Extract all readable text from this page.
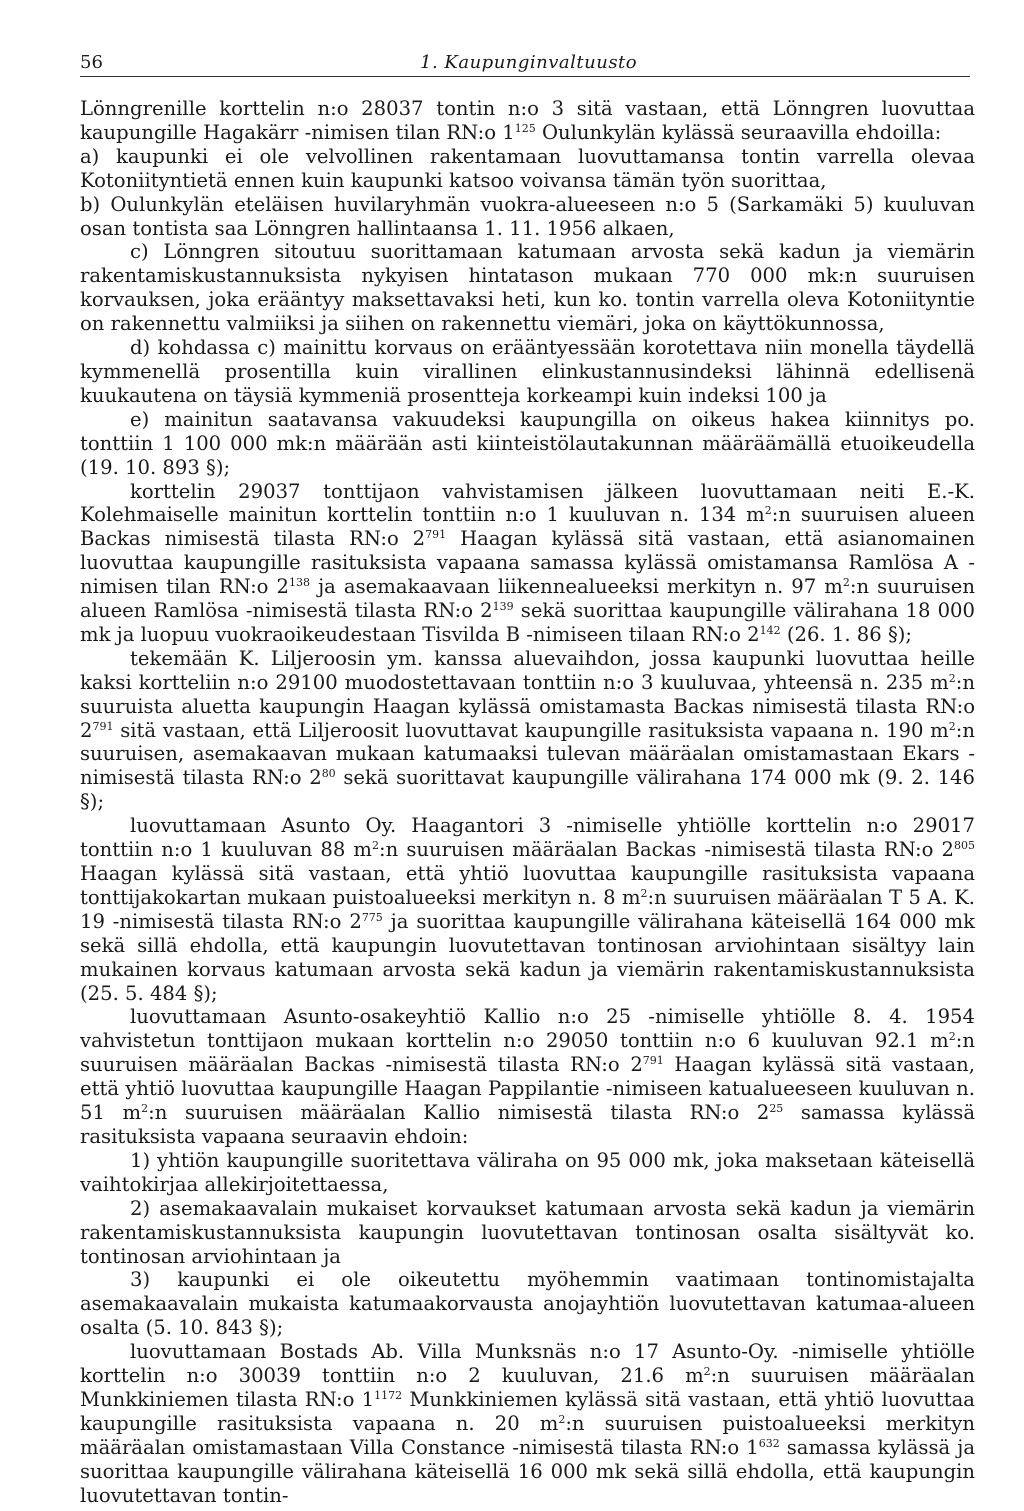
56	1. Kaupunginvaltuusto

Lönngrenille korttelin n:o 28037 tontin n:o 3 sitä vastaan, että Lönngren luovuttaa kaupungille Hagakärr -nimisen tilan RN:o $1^{125}$ Oulunkylän kylässä seuraavilla ehdoilla:

a) kaupunki ei ole velvollinen rakentamaan luovuttamansa tontin varrella olevaa Kotoniityntietä ennen kuin kaupunki katsoo voivansa tämän työn suorittaa,

b) Oulunkylän eteläisen huvilaryhmän vuokra-alueeseen n:o 5 (Sarkamäki 5) kuuluvan osan tontista saa Lönngren hallintaansa 1. 11. 1956 alkaen,

c) Lönngren sitoutuu suorittamaan katumaan arvosta sekä kadun ja viemärin rakentamiskustannuksista nykyisen hintatason mukaan 770 000 mk:n suuruisen korvauksen, joka erääntyy maksettavaksi heti, kun ko. tontin varrella oleva Kotoniityntie on rakennettu valmiiksi ja siihen on rakennettu viemäri, joka on käyttökunnossa,

d) kohdassa c) mainittu korvaus on erääntyessään korotettava niin monella täydellä kymmenellä prosentilla kuin virallinen elinkustannusindeksi lähinnä edellisenä kuukautena on täysiä kymmeniä prosentteja korkeampi kuin indeksi 100 ja

e) mainitun saatavansa vakuudeksi kaupungilla on oikeus hakea kiinnitys po. tonttiin 1 100 000 mk:n määrään asti kiinteistölautakunnan määräämällä etuoikeudella (19. 10. 893 §);

korttelin 29037 tonttijaon vahvistamisen jälkeen luovuttamaan neiti E.-K. Kolehmaiselle mainitun korttelin tonttiin n:o 1 kuuluvan n. 134 $m^2:n$ suuruisen alueen Backas nimisestä tilasta RN:o $2^{791}$ Haagan kylässä sitä vastaan, että asianomainen luovuttaa kaupungille rasituksista vapaana samassa kylässä omistamansa Ramlösa A -nimisen tilan RN:o $2^{138}$ ja asemakaavaan liikennealueeksi merkityn n. 97 $m^2:n$ suuruisen alueen Ramlösa -nimisestä tilasta RN:o $2^{139}$ sekä suorittaa kaupungille välirahana 18 000 mk ja luopuu vuokraoikeudestaan Tisvilda B -nimiseen tilaan RN:o $2^{142}$ (26. 1. 86 §);

tekemään K. Liljeroosin ym. kanssa aluevaihdon, jossa kaupunki luovuttaa heille kaksi kortteliin n:o 29100 muodostettavaan tonttiin n:o 3 kuuluvaa, yhteensä n. 235 $m^2:n$ suuruista aluetta kaupungin Haagan kylässä omistamasta Backas nimisestä tilasta RN:o $2^{791}$ sitä vastaan, että Liljeroosit luovuttavat kaupungille rasituksista vapaana n. 190 $m^2:n$ suuruisen, asemakaavan mukaan katumaaksi tulevan määräalan omistamastaan Ekars -nimisestä tilasta RN:o $2^{80}$ sekä suorittavat kaupungille välirahana 174 000 mk (9. 2. 146 §);

luovuttamaan Asunto Oy. Haagantori 3 -nimiselle yhtiölle korttelin n:o 29017 tonttiin n:o 1 kuuluvan 88 $m^2:n$ suuruisen määräalan Backas -nimisestä tilasta RN:o $2^{805}$ Haagan kylässä sitä vastaan, että yhtiö luovuttaa kaupungille rasituksista vapaana tonttijakokartan mukaan puistoalueeksi merkityn n. 8 $m^2:n$ suuruisen määräalan T 5 A. K. 19 -nimisestä tilasta RN:o $2^{775}$ ja suorittaa kaupungille välirahana käteisellä 164 000 mk sekä sillä ehdolla, että kaupungin luovutettavan tontinosan arviohintaan sisältyy lain mukainen korvaus katumaan arvosta sekä kadun ja viemärin rakentamiskustannuksista (25. 5. 484 §);

luovuttamaan Asunto-osakeyhtiö Kallio n:o 25 -nimiselle yhtiölle 8. 4. 1954 vahvistetun tonttijaon mukaan korttelin n:o 29050 tonttiin n:o 6 kuuluvan 92.1 $m^2:n$ suuruisen määräalan Backas -nimisestä tilasta RN:o $2^{791}$ Haagan kylässä sitä vastaan, että yhtiö luovuttaa kaupungille Haagan Pappilantie -nimiseen katualueeseen kuuluvan n. 51 $m^2:n$ suuruisen määräalan Kallio nimisestä tilasta RN:o $2^{25}$ samassa kylässä rasituksista vapaana seuraavin ehdoin:

1) yhtiön kaupungille suoritettava väliraha on 95 000 mk, joka maksetaan käteisellä vaihtokirjaa allekirjoitettaessa,

2) asemakaavalain mukaiset korvaukset katumaan arvosta sekä kadun ja viemärin rakentamiskustannuksista kaupungin luovutettavan tontinosan osalta sisältyvät ko. tontinosan arviohintaan ja

3) kaupunki ei ole oikeutettu myöhemmin vaatimaan tontinomistajalta asemakaavalain mukaista katumaakorvausta anojayhtiön luovutettavan katumaa-alueen osalta (5. 10. 843 §);

luovuttamaan Bostads Ab. Villa Munksnäs n:o 17 Asunto-Oy. -nimiselle yhtiölle korttelin n:o 30039 tonttiin n:o 2 kuuluvan, 21.6 $m^2:n$ suuruisen määräalan Munkkiniemen tilasta RN:o $1^{1172}$ Munkkiniemen kylässä sitä vastaan, että yhtiö luovuttaa kaupungille rasituksista vapaana n. 20 $m^2:n$ suuruisen puistoalueeksi merkityn määräalan omistamastaan Villa Constance -nimisestä tilasta RN:o $1^{632}$ samassa kylässä ja suorittaa kaupungille välirahana käteisellä 16 000 mk sekä sillä ehdolla, että kaupungin luovutettavan tontin-
